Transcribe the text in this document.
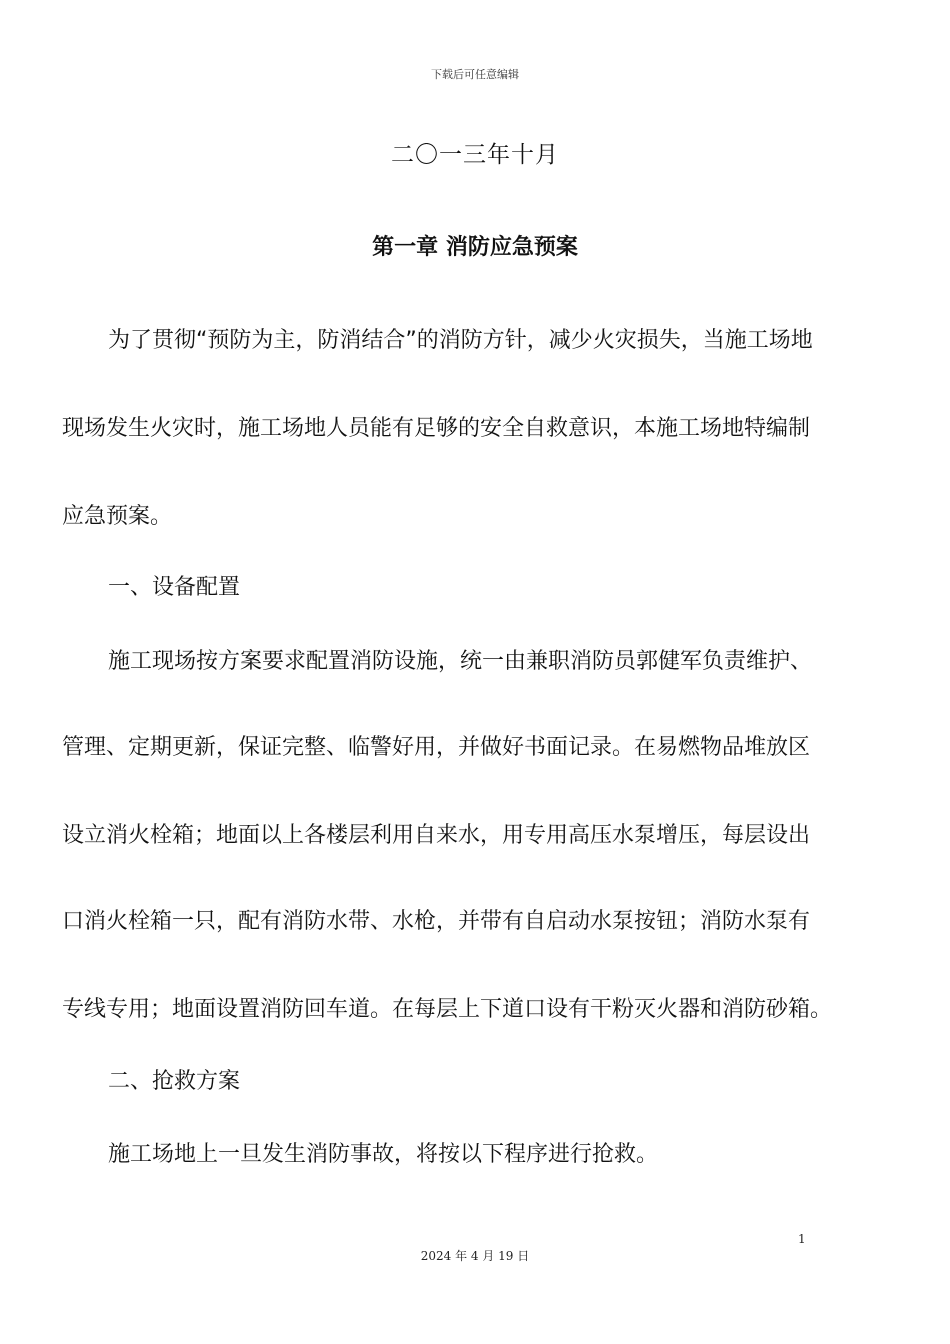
下载后可任意编辑
二〇一三年十月
第一章 消防应急预案
为了贯彻“预防为主，防消结合”的消防方针，减少火灾损失，当施工场地
现场发生火灾时，施工场地人员能有足够的安全自救意识，本施工场地特编制
应急预案。
一、设备配置
施工现场按方案要求配置消防设施，统一由兼职消防员郭健军负责维护、
管理、定期更新，保证完整、临警好用，并做好书面记录。在易燃物品堆放区
设立消火栓箱；地面以上各楼层利用自来水，用专用高压水泵增压，每层设出
口消火栓箱一只，配有消防水带、水枪，并带有自启动水泵按钮；消防水泵有
专线专用；地面设置消防回车道。在每层上下道口设有干粉灭火器和消防砂箱。
二、抢救方案
施工场地上一旦发生消防事故，将按以下程序进行抢救。
1
2024 年 4 月 19 日
